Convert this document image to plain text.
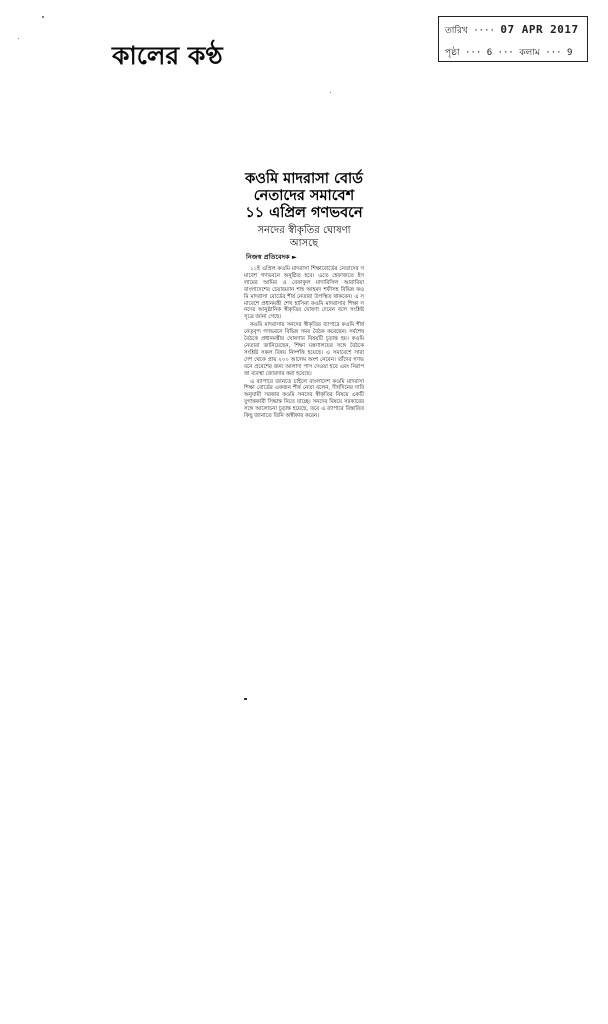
কালের কণ্ঠ
তারিখ ···· 07 APR 2017
পৃষ্ঠা ··· 6 ··· কলাম ··· 9
কওমি মাদরাসা বোর্ড নেতাদের সমাবেশ ১১ এপ্রিল গণভবনে
সনদের স্বীকৃতির ঘোষণা আসছে
নিজস্ব প্রতিবেদক ►

১১ই এপ্রিল কওমি মাদরাসা শিক্ষাবোর্ডের নেতাদের সমাবেশ গণভবনে অনুষ্ঠিত হবে। এতে হেফাজতে ইসলামের আমির ও বেফাকুল মাদারিসিল আরাবিয়া বাংলাদেশের চেয়ারম্যান শাহ আহমদ শফীসহ বিভিন্ন কওমি মাদরাসা বোর্ডের শীর্ষ নেতারা উপস্থিত থাকবেন। এ সমাবেশে প্রধানমন্ত্রী শেখ হাসিনা কওমি মাদরাসার শিক্ষা সনদের আনুষ্ঠানিক স্বীকৃতির ঘোষণা দেবেন বলে সংশ্লিষ্ট সূত্রে জানা গেছে।

কওমি মাদরাসার সনদের স্বীকৃতির ব্যাপারে কওমি শীর্ষ নেতৃবৃন্দ গণভবনে বিভিন্ন সময় বৈঠক করেছেন। সর্বশেষ বৈঠকে প্রধানমন্ত্রীর ঘোষণার বিষয়টি চূড়ান্ত হয়। কওমি নেতারা জানিয়েছেন, শিক্ষা মন্ত্রণালয়ের সঙ্গে বৈঠকে সংশ্লিষ্ট সকল বিষয় নিষ্পত্তি হয়েছে। এ সমাবেশে সারা দেশ থেকে প্রায় ২০০ আলেম অংশ নেবেন। তাঁদের গণভবনে প্রবেশের জন্য আলাদা পাস দেওয়া হবে এবং নিরাপত্তা ব্যবস্থা জোরদার করা হয়েছে।

এ ব্যাপারে জানতে চাইলে বাংলাদেশ কওমি মাদরাসা শিক্ষা বোর্ডের একজন শীর্ষ নেতা বলেন, দীর্ঘদিনের দাবি অনুযায়ী সরকার কওমি সনদের স্বীকৃতির বিষয়ে একটি যুগান্তকারী সিদ্ধান্ত নিতে যাচ্ছে। সনদের বিষয়ে সরকারের সঙ্গে আলোচনা চূড়ান্ত হয়েছে, তবে এ ব্যাপারে বিস্তারিত কিছু জানাতে তিনি অস্বীকার করেন।
